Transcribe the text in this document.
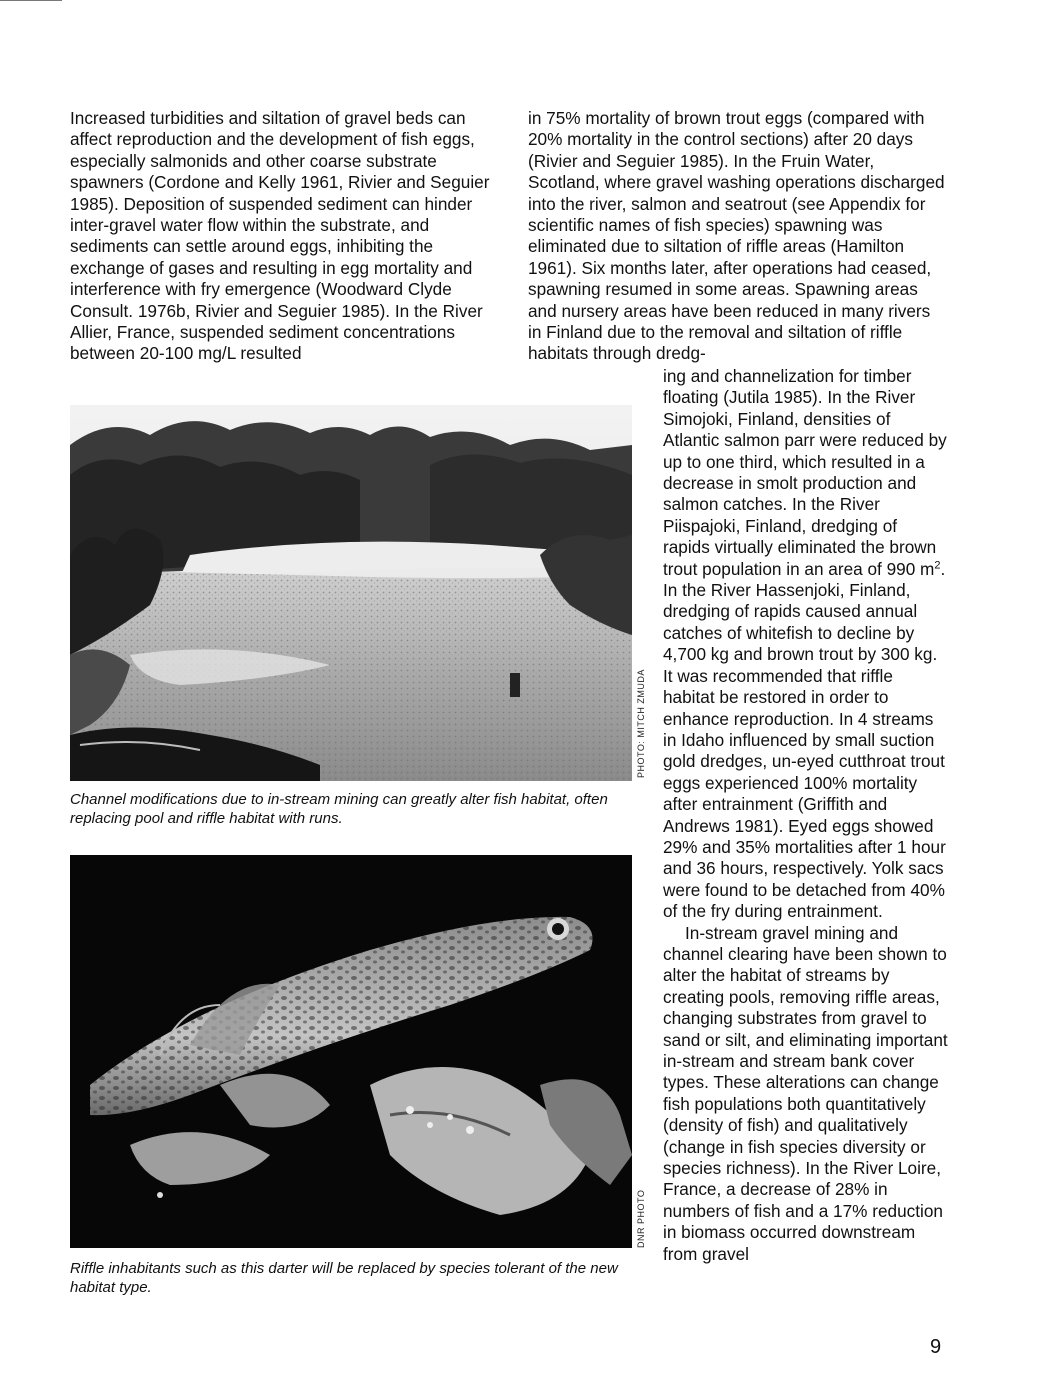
Increased turbidities and siltation of gravel beds can affect reproduction and the development of fish eggs, especially salmonids and other coarse substrate spawners (Cordone and Kelly 1961, Rivier and Seguier 1985). Deposition of suspended sediment can hinder inter-gravel water flow within the substrate, and sediments can settle around eggs, inhibiting the exchange of gases and resulting in egg mortality and interference with fry emergence (Woodward Clyde Consult. 1976b, Rivier and Seguier 1985). In the River Allier, France, suspended sediment concentrations between 20-100 mg/L resulted

in 75% mortality of brown trout eggs (compared with 20% mortality in the control sections) after 20 days (Rivier and Seguier 1985). In the Fruin Water, Scotland, where gravel washing operations discharged into the river, salmon and seatrout (see Appendix for scientific names of fish species) spawning was eliminated due to siltation of riffle areas (Hamilton 1961). Six months later, after operations had ceased, spawning resumed in some areas. Spawning areas and nursery areas have been reduced in many rivers in Finland due to the removal and siltation of riffle habitats through dredg-

ing and channelization for timber floating (Jutila 1985). In the River Simojoki, Finland, densities of Atlantic salmon parr were reduced by up to one third, which resulted in a decrease in smolt production and salmon catches. In the River Piispajoki, Finland, dredging of rapids virtually eliminated the brown trout population in an area of 990 $m^2$. In the River Hassenjoki, Finland, dredging of rapids caused annual catches of whitefish to decline by 4,700 kg and brown trout by 300 kg. It was recommended that riffle habitat be restored in order to enhance reproduction. In 4 streams in Idaho influenced by small suction gold dredges, un-eyed cutthroat trout eggs experienced 100% mortality after entrainment (Griffith and Andrews 1981). Eyed eggs showed 29% and 35% mortalities after 1 hour and 36 hours, respectively. Yolk sacs were found to be detached from 40% of the fry during entrainment.

In-stream gravel mining and channel clearing have been shown to alter the habitat of streams by creating pools, removing riffle areas, changing substrates from gravel to sand or silt, and eliminating important in-stream and stream bank cover types. These alterations can change fish populations both quantitatively (density of fish) and qualitatively (change in fish species diversity or species richness). In the River Loire, France, a decrease of 28% in numbers of fish and a 17% reduction in biomass occurred downstream from gravel

PHOTO: MITCH ZMUDA

Channel modifications due to in-stream mining can greatly alter fish habitat, often replacing pool and riffle habitat with runs.

DNR PHOTO

Riffle inhabitants such as this darter will be replaced by species tolerant of the new habitat type.

9
